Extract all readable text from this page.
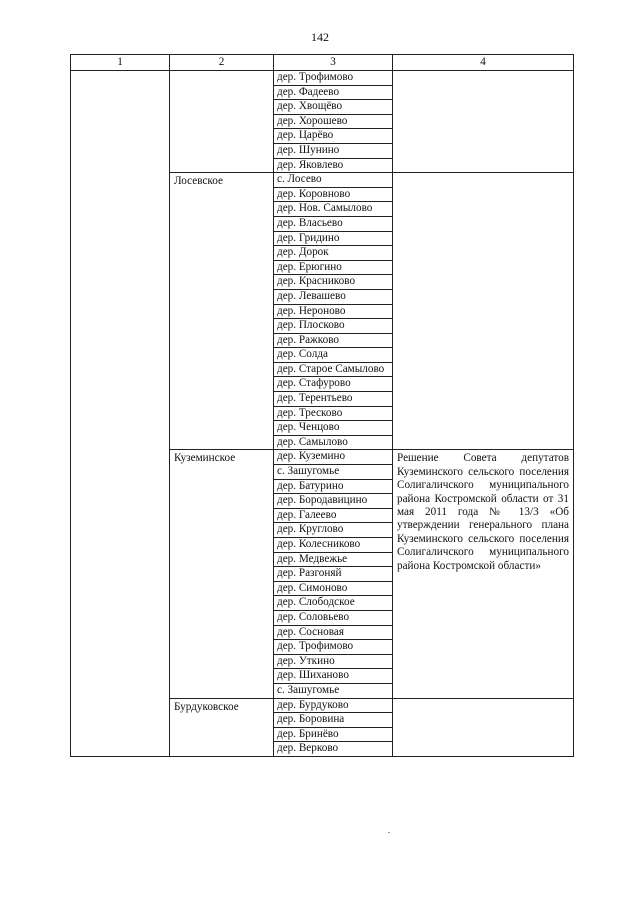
142
1	2	3	4
		дер. Трофимово	
		дер. Фадеево	
		дер. Хвощёво	
		дер. Хорошево	
		дер. Царёво	
		дер. Шунино	
		дер. Яковлево	
	Лосевское	с. Лосево	
		дер. Коровново	
		дер. Нов. Самылово	
		дер. Власьево	
		дер. Гридино	
		дер. Дорок	
		дер. Ерюгино	
		дер. Красниково	
		дер. Левашево	
		дер. Нероново	
		дер. Плосково	
		дер. Ражково	
		дер. Солда	
		дер. Старое Самылово	
		дер. Стафурово	
		дер. Терентьево	
		дер. Тресково	
		дер. Ченцово	
		дер. Самылово	
	Куземинское	дер. Куземино	Решение Совета депутатов Куземинского сельского поселения Солигаличского муниципального района Костромской области от 31 мая 2011 года № 13/3 «Об утверждении генерального плана Куземинского сельского поселения Солигаличского муниципального района Костромской области»
		с. Зашугомье	
		дер. Батурино	
		дер. Бородавицино	
		дер. Галеево	
		дер. Круглово	
		дер. Колесниково	
		дер. Медвежье	
		дер. Разгоняй	
		дер. Симоново	
		дер. Слободское	
		дер. Соловьево	
		дер. Сосновая	
		дер. Трофимово	
		дер. Уткино	
		дер. Шиханово	
		с. Зашугомье	
	Бурдуковское	дер. Бурдуково	
		дер. Боровина	
		дер. Бринёво	
		дер. Верково	
